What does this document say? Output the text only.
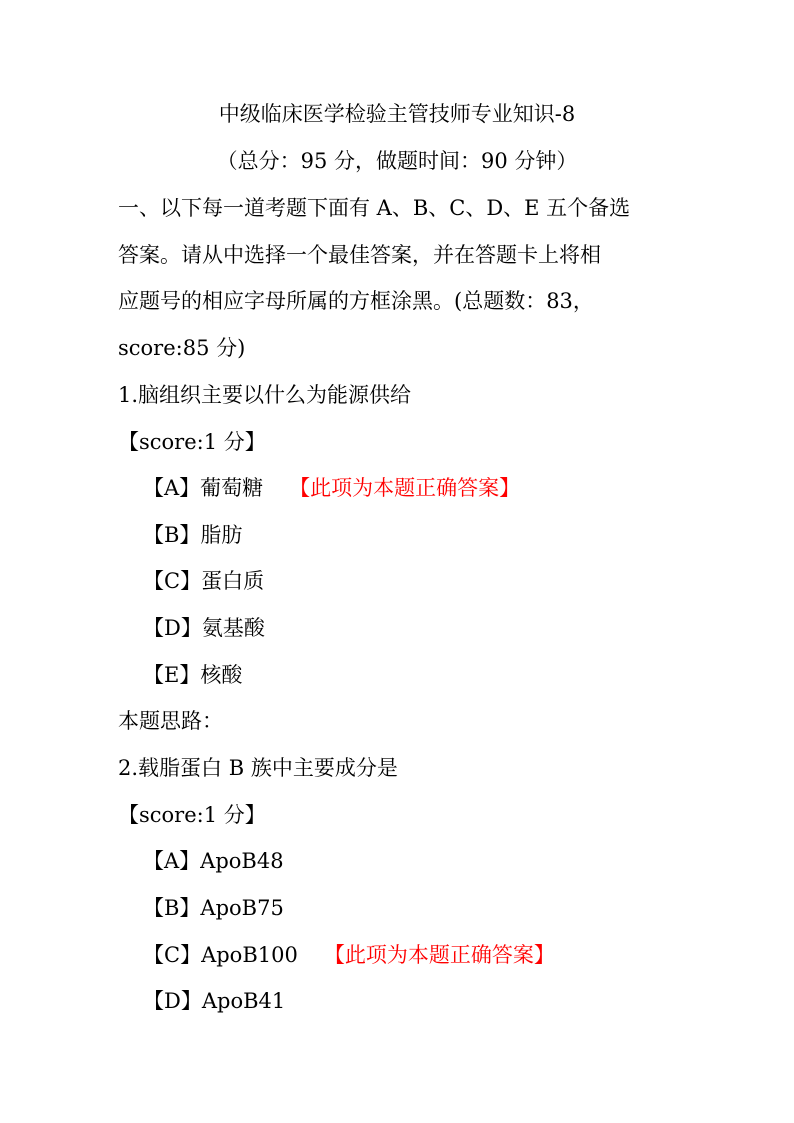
中级临床医学检验主管技师专业知识-8
（总分：95 分，做题时间：90 分钟）
一、以下每一道考题下面有 A、B、C、D、E 五个备选
答案。请从中选择一个最佳答案，并在答题卡上将相
应题号的相应字母所属的方框涂黑。(总题数：83，
score:85 分)
1.脑组织主要以什么为能源供给
【score:1 分】
【A】葡萄糖 【此项为本题正确答案】
【B】脂肪
【C】蛋白质
【D】氨基酸
【E】核酸
本题思路：
2.载脂蛋白 B 族中主要成分是
【score:1 分】
【A】ApoB48
【B】ApoB75
【C】ApoB100 【此项为本题正确答案】
【D】ApoB41
